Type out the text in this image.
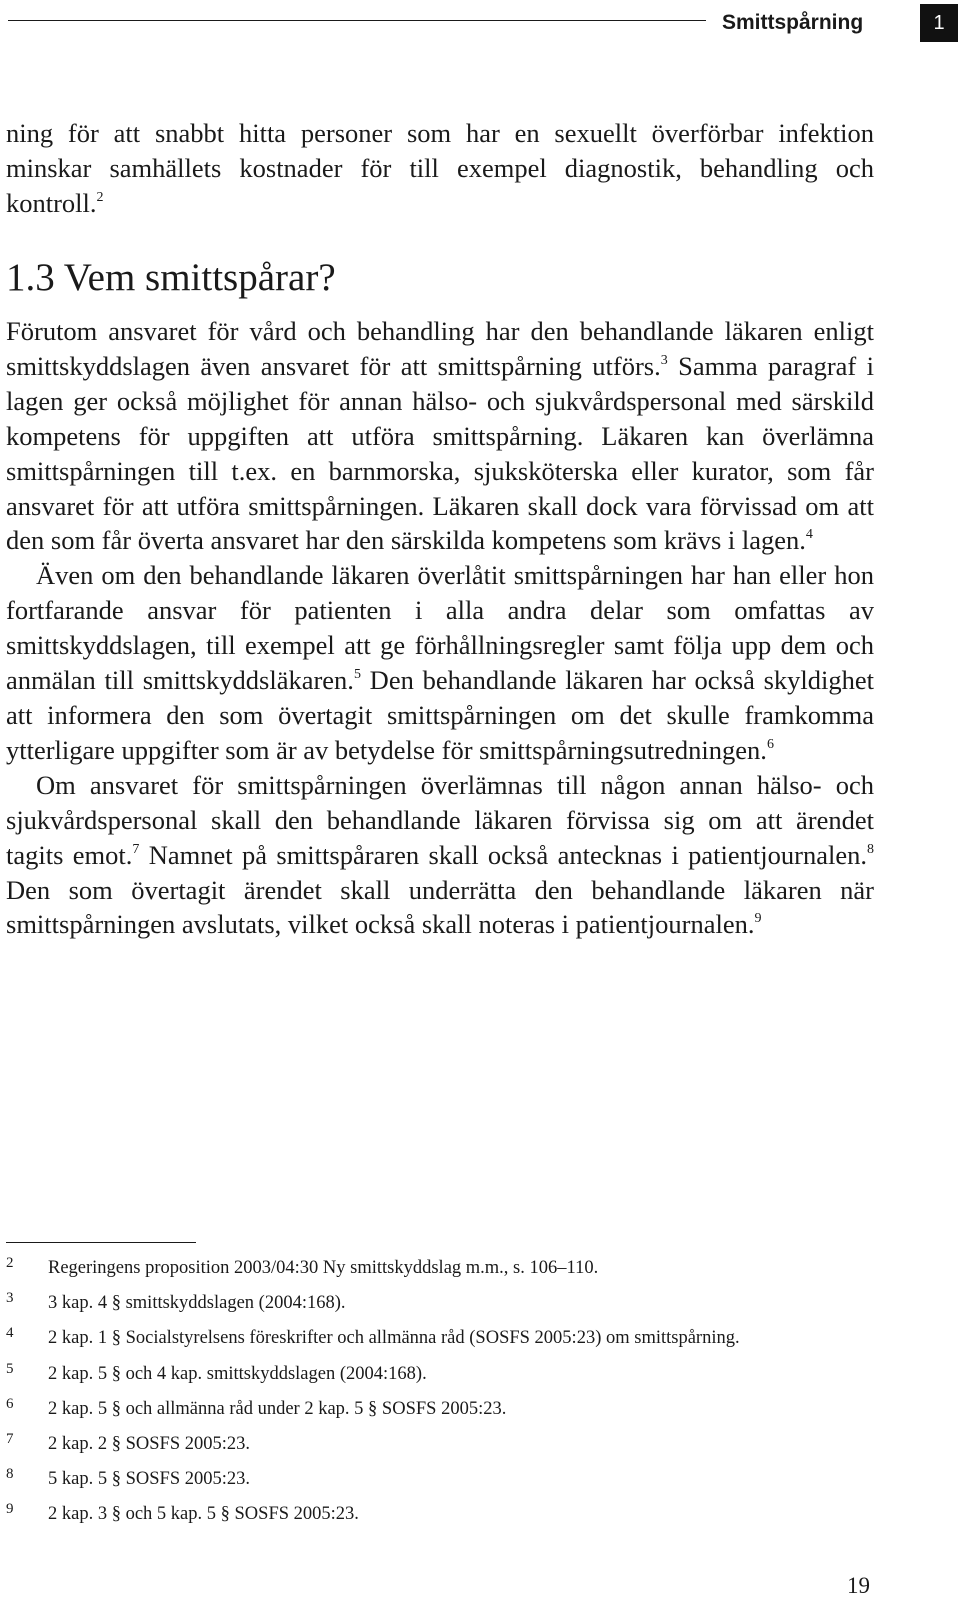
Smittspårning	1

ning för att snabbt hitta personer som har en sexuellt överförbar infektion minskar samhällets kostnader för till exempel diagnostik, behandling och kontroll.$^2$

1.3 Vem smittspårar?

Förutom ansvaret för vård och behandling har den behandlande läkaren enligt smittskyddslagen även ansvaret för att smittspårning utförs.$^3$ Samma paragraf i lagen ger också möjlighet för annan hälso- och sjukvårdspersonal med särskild kompetens för uppgiften att utföra smittspårning. Läkaren kan överlämna smittspårningen till t.ex. en barnmorska, sjuksköterska eller kurator, som får ansvaret för att utföra smittspårningen. Läkaren skall dock vara förvissad om att den som får överta ansvaret har den särskilda kompetens som krävs i lagen.$^4$

Även om den behandlande läkaren överlåtit smittspårningen har han eller hon fortfarande ansvar för patienten i alla andra delar som omfattas av smittskyddslagen, till exempel att ge förhållningsregler samt följa upp dem och anmälan till smittskyddsläkaren.$^5$ Den behandlande läkaren har också skyldighet att informera den som övertagit smittspårningen om det skulle framkomma ytterligare uppgifter som är av betydelse för smittspårningsutredningen.$^6$

Om ansvaret för smittspårningen överlämnas till någon annan hälso- och sjukvårdspersonal skall den behandlande läkaren förvissa sig om att ärendet tagits emot.$^7$ Namnet på smittspåraren skall också antecknas i patientjournalen.$^8$ Den som övertagit ärendet skall underrätta den behandlande läkaren när smittspårningen avslutats, vilket också skall noteras i patientjournalen.$^9$

2 Regeringens proposition 2003/04:30 Ny smittskyddslag m.m., s. 106–110.
3 3 kap. 4 § smittskyddslagen (2004:168).
4 2 kap. 1 § Socialstyrelsens föreskrifter och allmänna råd (SOSFS 2005:23) om smittspårning.
5 2 kap. 5 § och 4 kap. smittskyddslagen (2004:168).
6 2 kap. 5 § och allmänna råd under 2 kap. 5 § SOSFS 2005:23.
7 2 kap. 2 § SOSFS 2005:23.
8 5 kap. 5 § SOSFS 2005:23.
9 2 kap. 3 § och 5 kap. 5 § SOSFS 2005:23.
19
